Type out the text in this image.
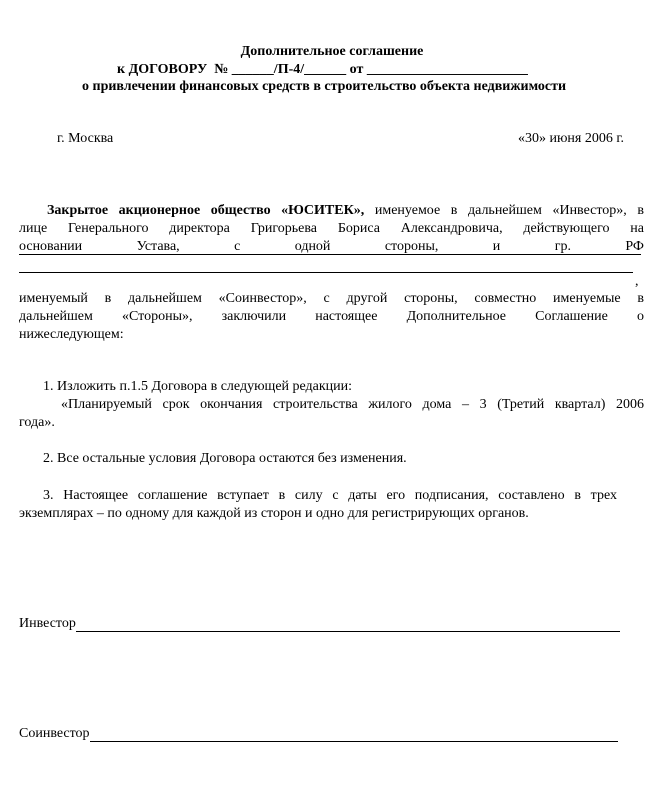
Дополнительное соглашение
к ДОГОВОРУ  № ______/П-4/______ от _______________________
о привлечении финансовых средств в строительство объекта недвижимости
г. Москва	«30» июня 2006 г.
Закрытое акционерное общество «ЮСИТЕК», именуемое в дальнейшем «Инвестор», в
лице Генерального директора Григорьева Бориса Александровича, действующего на
основании Устава, с одной стороны, и гр. РФ
,
именуемый в дальнейшем «Соинвестор», с другой стороны, совместно именуемые в
дальнейшем «Стороны», заключили настоящее Дополнительное Соглашение о
нижеследующем:
1. Изложить п.1.5 Договора в следующей редакции:
«Планируемый срок окончания строительства жилого дома – 3 (Третий квартал) 2006
года».
2. Все остальные условия Договора остаются без изменения.
3. Настоящее соглашение вступает в силу с даты его подписания, составлено в трех
экземплярах – по одному для каждой из сторон и одно для регистрирующих органов.
Инвестор
Соинвестор
